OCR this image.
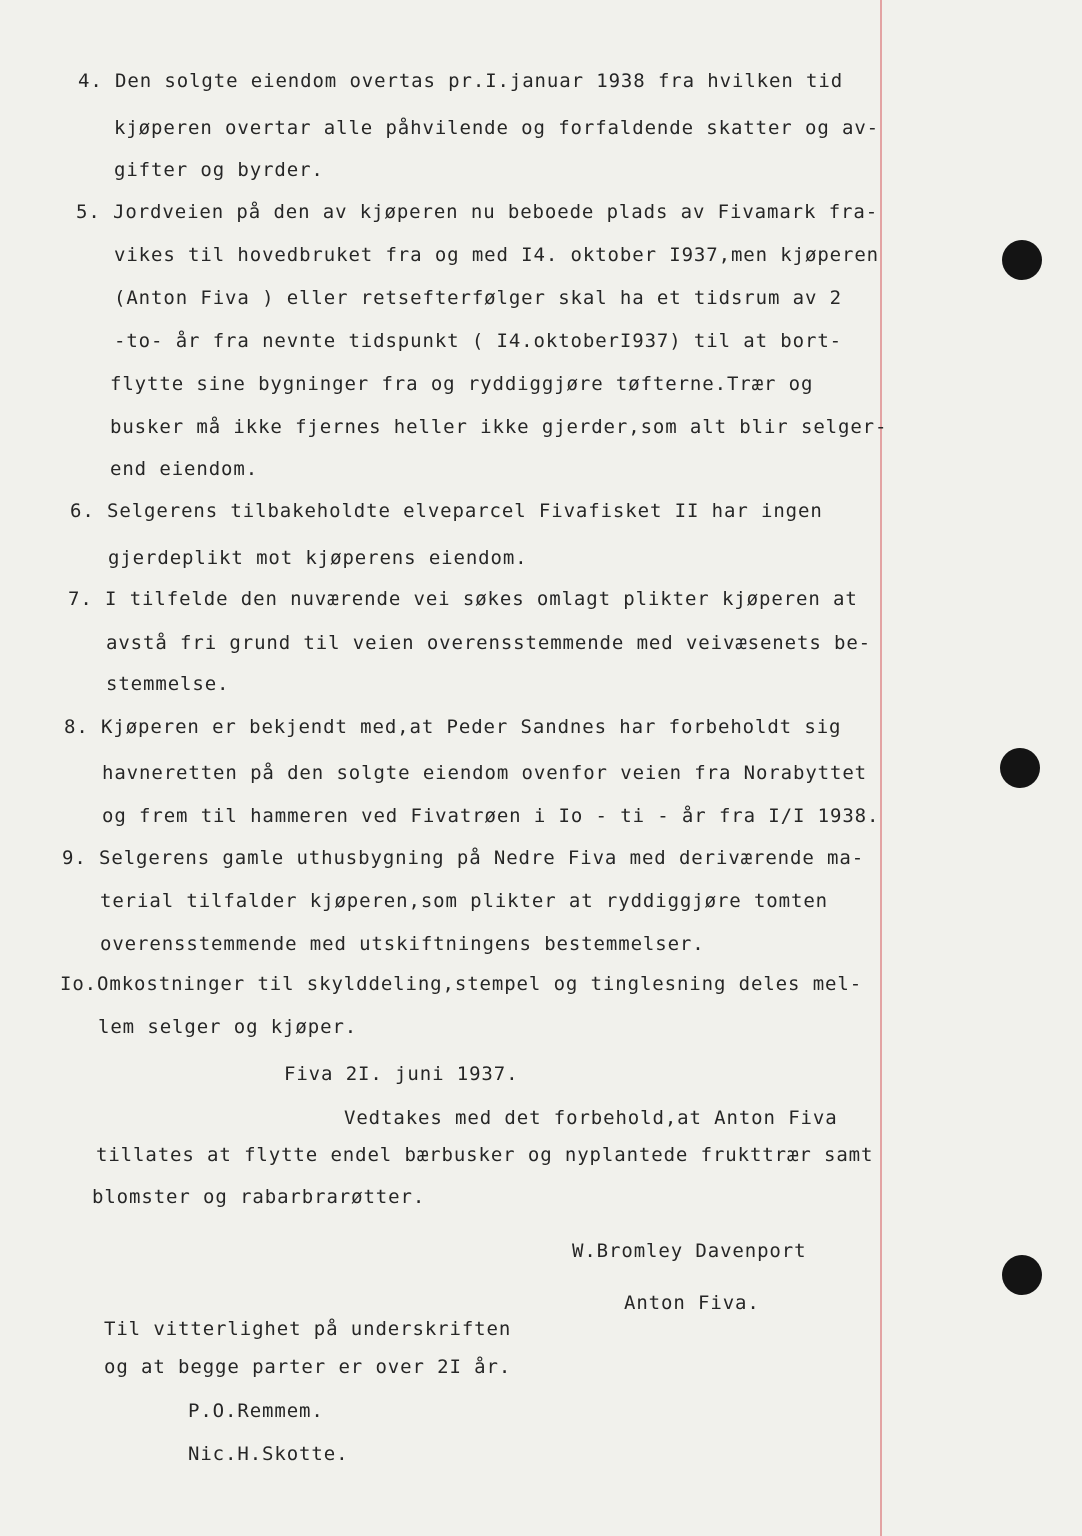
4. Den solgte eiendom overtas pr.I.januar 1938 fra hvilken tid
kjøperen overtar alle påhvilende og forfaldende skatter og av-
gifter og byrder.
5. Jordveien på den av kjøperen nu beboede plads av Fivamark fra-
vikes til hovedbruket fra og med I4. oktober I937,men kjøperen
(Anton Fiva ) eller retsefterfølger skal ha et tidsrum av 2
-to- år fra nevnte tidspunkt ( I4.oktoberI937) til at bort-
flytte sine bygninger fra og ryddiggjøre tøfterne.Trær og
busker må ikke fjernes heller ikke gjerder,som alt blir selger-
end eiendom.
6. Selgerens tilbakeholdte elveparcel Fivafisket II har ingen
gjerdeplikt mot kjøperens eiendom.
7. I tilfelde den nuværende vei søkes omlagt plikter kjøperen at
avstå fri grund til veien overensstemmende med veivæsenets be-
stemmelse.
8. Kjøperen er bekjendt med,at Peder Sandnes har forbeholdt sig
havneretten på den solgte eiendom ovenfor veien fra Norabyttet
og frem til hammeren ved Fivatrøen i Io - ti - år fra I/I 1938.
9. Selgerens gamle uthusbygning på Nedre Fiva med deriværende ma-
terial tilfalder kjøperen,som plikter at ryddiggjøre tomten
overensstemmende med utskiftningens bestemmelser.
Io.Omkostninger til skylddeling,stempel og tinglesning deles mel-
lem selger og kjøper.
Fiva 2I. juni 1937.
Vedtakes med det forbehold,at Anton Fiva
tillates at flytte endel bærbusker og nyplantede frukttrær samt
blomster og rabarbrarøtter.
W.Bromley Davenport
Anton Fiva.
Til vitterlighet på underskriften
og at begge parter er over 2I år.
P.O.Remmem.
Nic.H.Skotte.
